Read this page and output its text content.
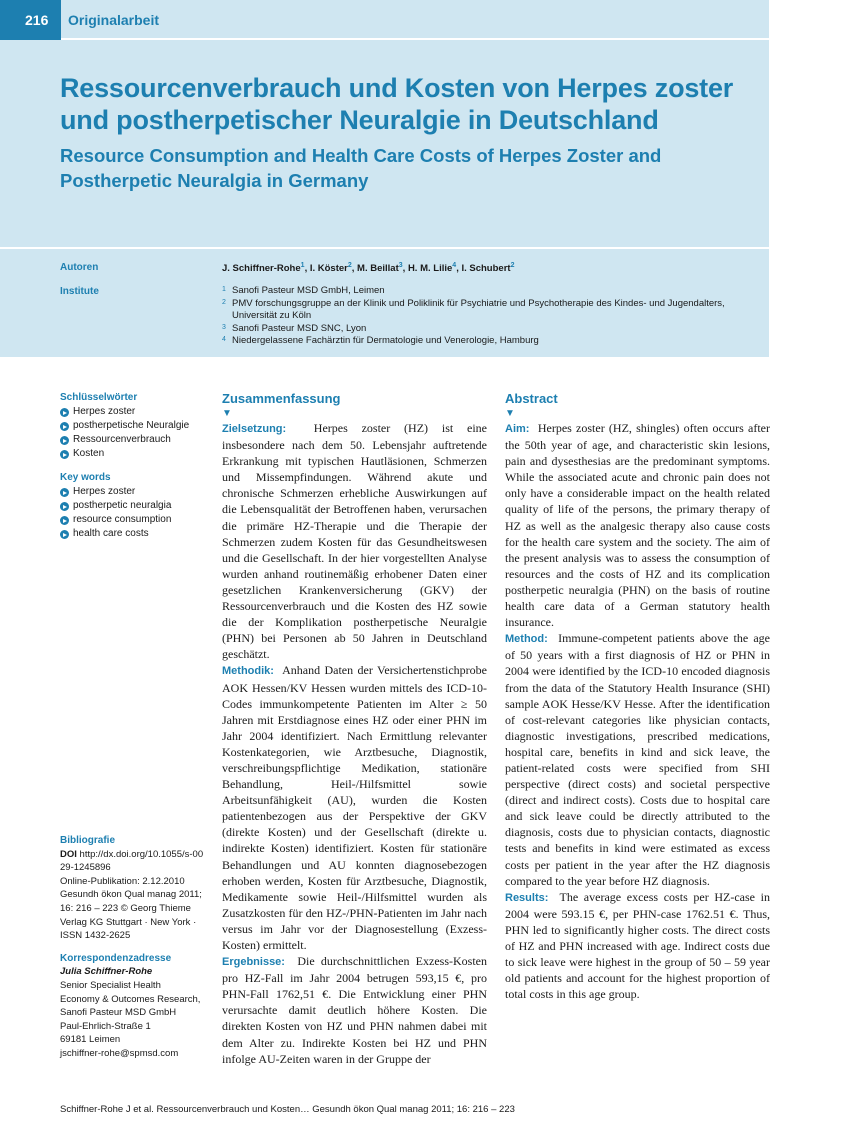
216	Originalarbeit
Ressourcenverbrauch und Kosten von Herpes zoster und postherpetischer Neuralgie in Deutschland
Resource Consumption and Health Care Costs of Herpes Zoster and Postherpetic Neuralgia in Germany
Autoren	J. Schiffner-Rohe$^1$, I. Köster$^2$, M. Beillat$^3$, H. M. Lilie$^4$, I. Schubert$^2$
Institute	1 Sanofi Pasteur MSD GmbH, Leimen
2 PMV forschungsgruppe an der Klinik und Poliklinik für Psychiatrie und Psychotherapie des Kindes- und Jugendalters, Universität zu Köln
3 Sanofi Pasteur MSD SNC, Lyon
4 Niedergelassene Fachärztin für Dermatologie und Venerologie, Hamburg
Schlüsselwörter
Herpes zoster
postherpetische Neuralgie
Ressourcenverbrauch
Kosten
Key words
Herpes zoster
postherpetic neuralgia
resource consumption
health care costs
Bibliografie
DOI http://dx.doi.org/10.1055/s-0029-1245896
Online-Publikation: 2.12.2010
Gesundh ökon Qual manag 2011; 16: 216 – 223 © Georg Thieme Verlag KG Stuttgart · New York · ISSN 1432-2625
Korrespondenzadresse
Julia Schiffner-Rohe
Senior Specialist Health
Economy & Outcomes Research,
Sanofi Pasteur MSD GmbH
Paul-Ehrlich-Straße 1
69181 Leimen
jschiffner-rohe@spmsd.com
Zusammenfassung
▼

Zielsetzung: Herpes zoster (HZ) ist eine insbesondere nach dem 50. Lebensjahr auftretende Erkrankung mit typischen Hautläsionen, Schmerzen und Missempfindungen. Während akute und chronische Schmerzen erhebliche Auswirkungen auf die Lebensqualität der Betroffenen haben, verursachen die primäre HZ-Therapie und die Therapie der Schmerzen zudem Kosten für das Gesundheitswesen und die Gesellschaft. In der hier vorgestellten Analyse wurden anhand routinemäßig erhobener Daten einer gesetzlichen Krankenversicherung (GKV) der Ressourcenverbrauch und die Kosten des HZ sowie die der Komplikation postherpetische Neuralgie (PHN) bei Personen ab 50 Jahren in Deutschland geschätzt.

Methodik: Anhand Daten der Versichertenstichprobe AOK Hessen/KV Hessen wurden mittels des ICD-10-Codes immunkompetente Patienten im Alter ≥ 50 Jahren mit Erstdiagnose eines HZ oder einer PHN im Jahr 2004 identifiziert. Nach Ermittlung relevanter Kostenkategorien, wie Arztbesuche, Diagnostik, verschreibungspflichtige Medikation, stationäre Behandlung, Heil-/Hilfsmittel sowie Arbeitsunfähigkeit (AU), wurden die Kosten patientenbezogen aus der Perspektive der GKV (direkte Kosten) und der Gesellschaft (direkte u. indirekte Kosten) identifiziert. Kosten für stationäre Behandlungen und AU konnten diagnosebezogen erhoben werden, Kosten für Arztbesuche, Diagnostik, Medikamente sowie Heil-/Hilfsmittel wurden als Zusatzkosten für den HZ-/PHN-Patienten im Jahr nach versus im Jahr vor der Diagnosestellung (Exzess-Kosten) ermittelt.

Ergebnisse: Die durchschnittlichen Exzess-Kosten pro HZ-Fall im Jahr 2004 betrugen 593,15 €, pro PHN-Fall 1762,51 €. Die Entwicklung einer PHN verursachte damit deutlich höhere Kosten. Die direkten Kosten von HZ und PHN nahmen dabei mit dem Alter zu. Indirekte Kosten bei HZ und PHN infolge AU-Zeiten waren in der Gruppe der

Abstract
▼

Aim: Herpes zoster (HZ, shingles) often occurs after the 50th year of age, and characteristic skin lesions, pain and dysesthesias are the predominant symptoms. While the associated acute and chronic pain does not only have a considerable impact on the health related quality of life of the persons, the primary therapy of HZ as well as the analgesic therapy also cause costs for the health care system and the society. The aim of the present analysis was to assess the consumption of resources and the costs of HZ and its complication postherpetic neuralgia (PHN) on the basis of routine health care data of a German statutory health insurance.

Method: Immune-competent patients above the age of 50 years with a first diagnosis of HZ or PHN in 2004 were identified by the ICD-10 encoded diagnosis from the data of the Statutory Health Insurance (SHI) sample AOK Hesse/KV Hesse. After the identification of cost-relevant categories like physician contacts, diagnostic investigations, prescribed medications, hospital care, benefits in kind and sick leave, the patient-related costs were specified from SHI perspective (direct costs) and societal perspective (direct and indirect costs). Costs due to hospital care and sick leave could be directly attributed to the diagnosis, costs due to physician contacts, diagnostic tests and benefits in kind were estimated as excess costs per patient in the year after the HZ diagnosis compared to the year before HZ diagnosis.

Results: The average excess costs per HZ-case in 2004 were 593.15 €, per PHN-case 1762.51 €. Thus, PHN led to significantly higher costs. The direct costs of HZ and PHN increased with age. Indirect costs due to sick leave were highest in the group of 50 – 59 year old patients and account for the highest proportion of total costs in this age group.

Schiffner-Rohe J et al. Ressourcenverbrauch und Kosten… Gesundh ökon Qual manag 2011; 16: 216 – 223
